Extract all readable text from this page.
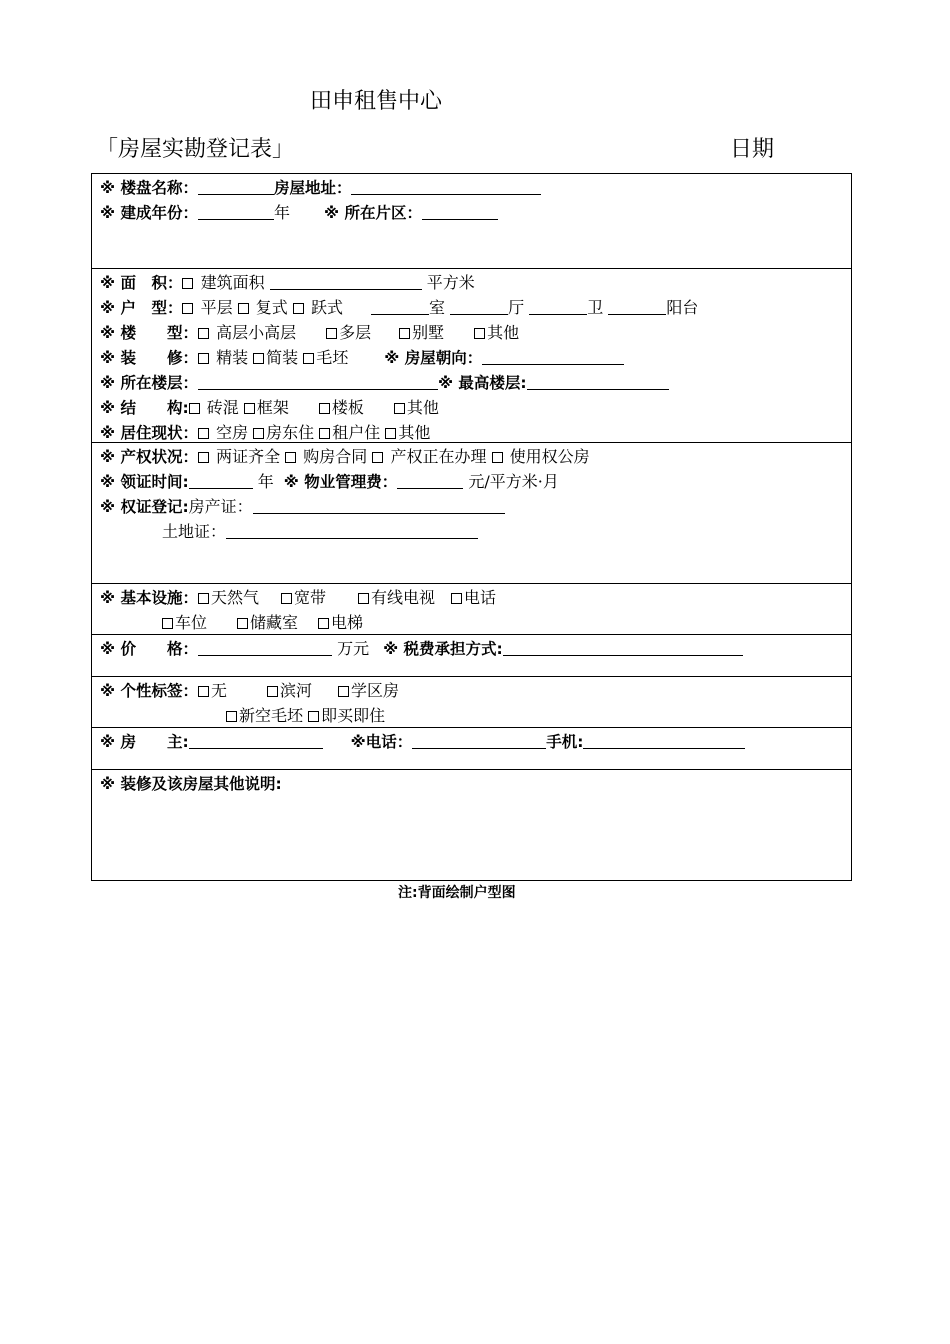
田申租售中心
「房屋实勘登记表」	日期
※ 楼盘名称：	房屋地址：
※ 建成年份：	年 ※ 所在片区：
※ 面　积： 建筑面积	平方米
※ 户　型： 平层 复式 跃式	室	厅	卫	阳台
※ 楼　　型： 高层小高层	多层	别墅	其他
※ 装　　修： 精装 简装 毛坯 ※ 房屋朝向：
※ 所在楼层：	※ 最高楼层:
※ 结　　构: 砖混 框架	楼板	其他
※ 居住现状： 空房 房东住 租户住 其他
※ 产权状况： 两证齐全 购房合同 产权正在办理 使用权公房
※ 领证时间:	年 ※ 物业管理费：	元/平方米·月
※ 权证登记:房产证：
土地证：
※ 基本设施： 天然气 宽带	有线电视 电话
车位	储藏室 电梯
※ 价　　格：	万元 ※ 税费承担方式:
※ 个性标签： 无	滨河 学区房
新空毛坯 即买即住
※ 房　　主:	※电话：	手机:
※ 装修及该房屋其他说明:
注:背面绘制户型图
